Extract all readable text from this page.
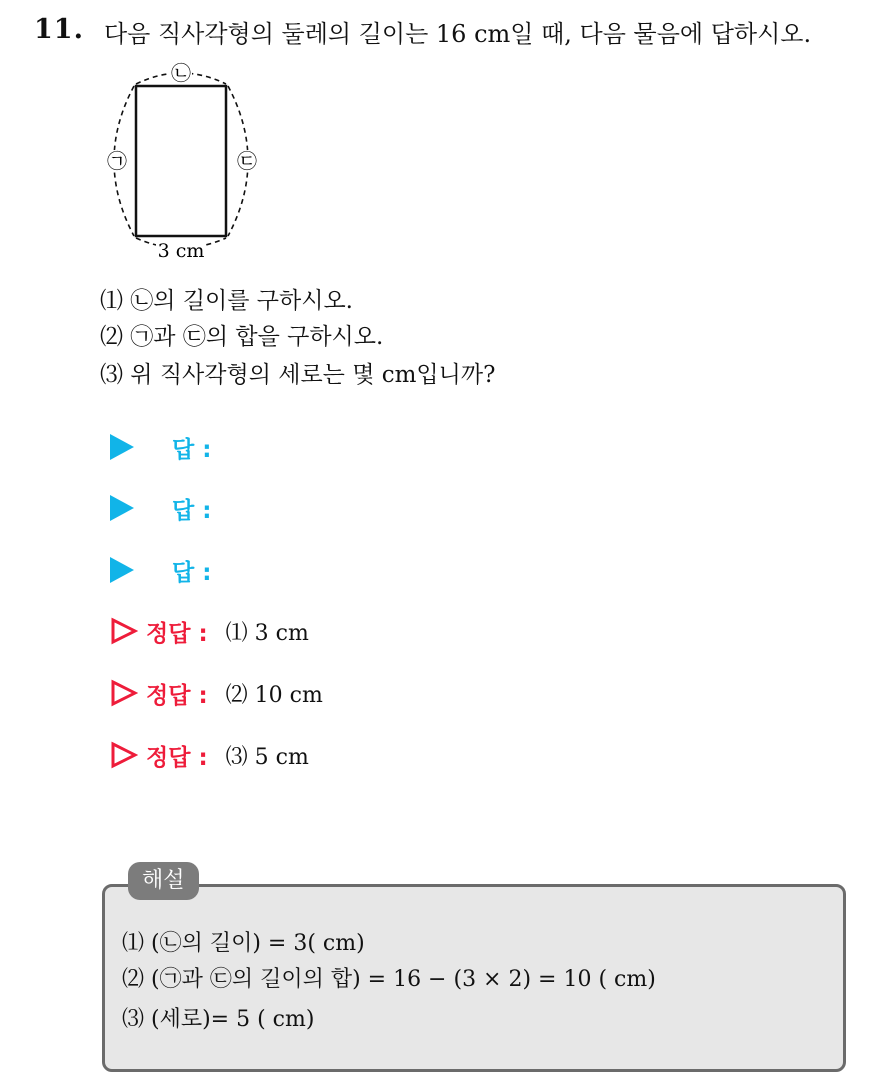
11. 다음 직사각형의 둘레의 길이는 16 cm일 때, 다음 물음에 답하시오.
㉡
㉠	㉢
3 cm
⑴ ㉡의 길이를 구하시오.
⑵ ㉠과 ㉢의 합을 구하시오.
⑶ 위 직사각형의 세로는 몇 cm입니까?
답 :
답 :
답 :
정답 : ⑴ 3 cm
정답 : ⑵ 10 cm
정답 : ⑶ 5 cm
해설
⑴ (㉡의 길이) = 3( cm)
⑵ (㉠과 ㉢의 길이의 합) = 16 − (3 × 2) = 10 ( cm)
⑶ (세로)= 5 ( cm)
